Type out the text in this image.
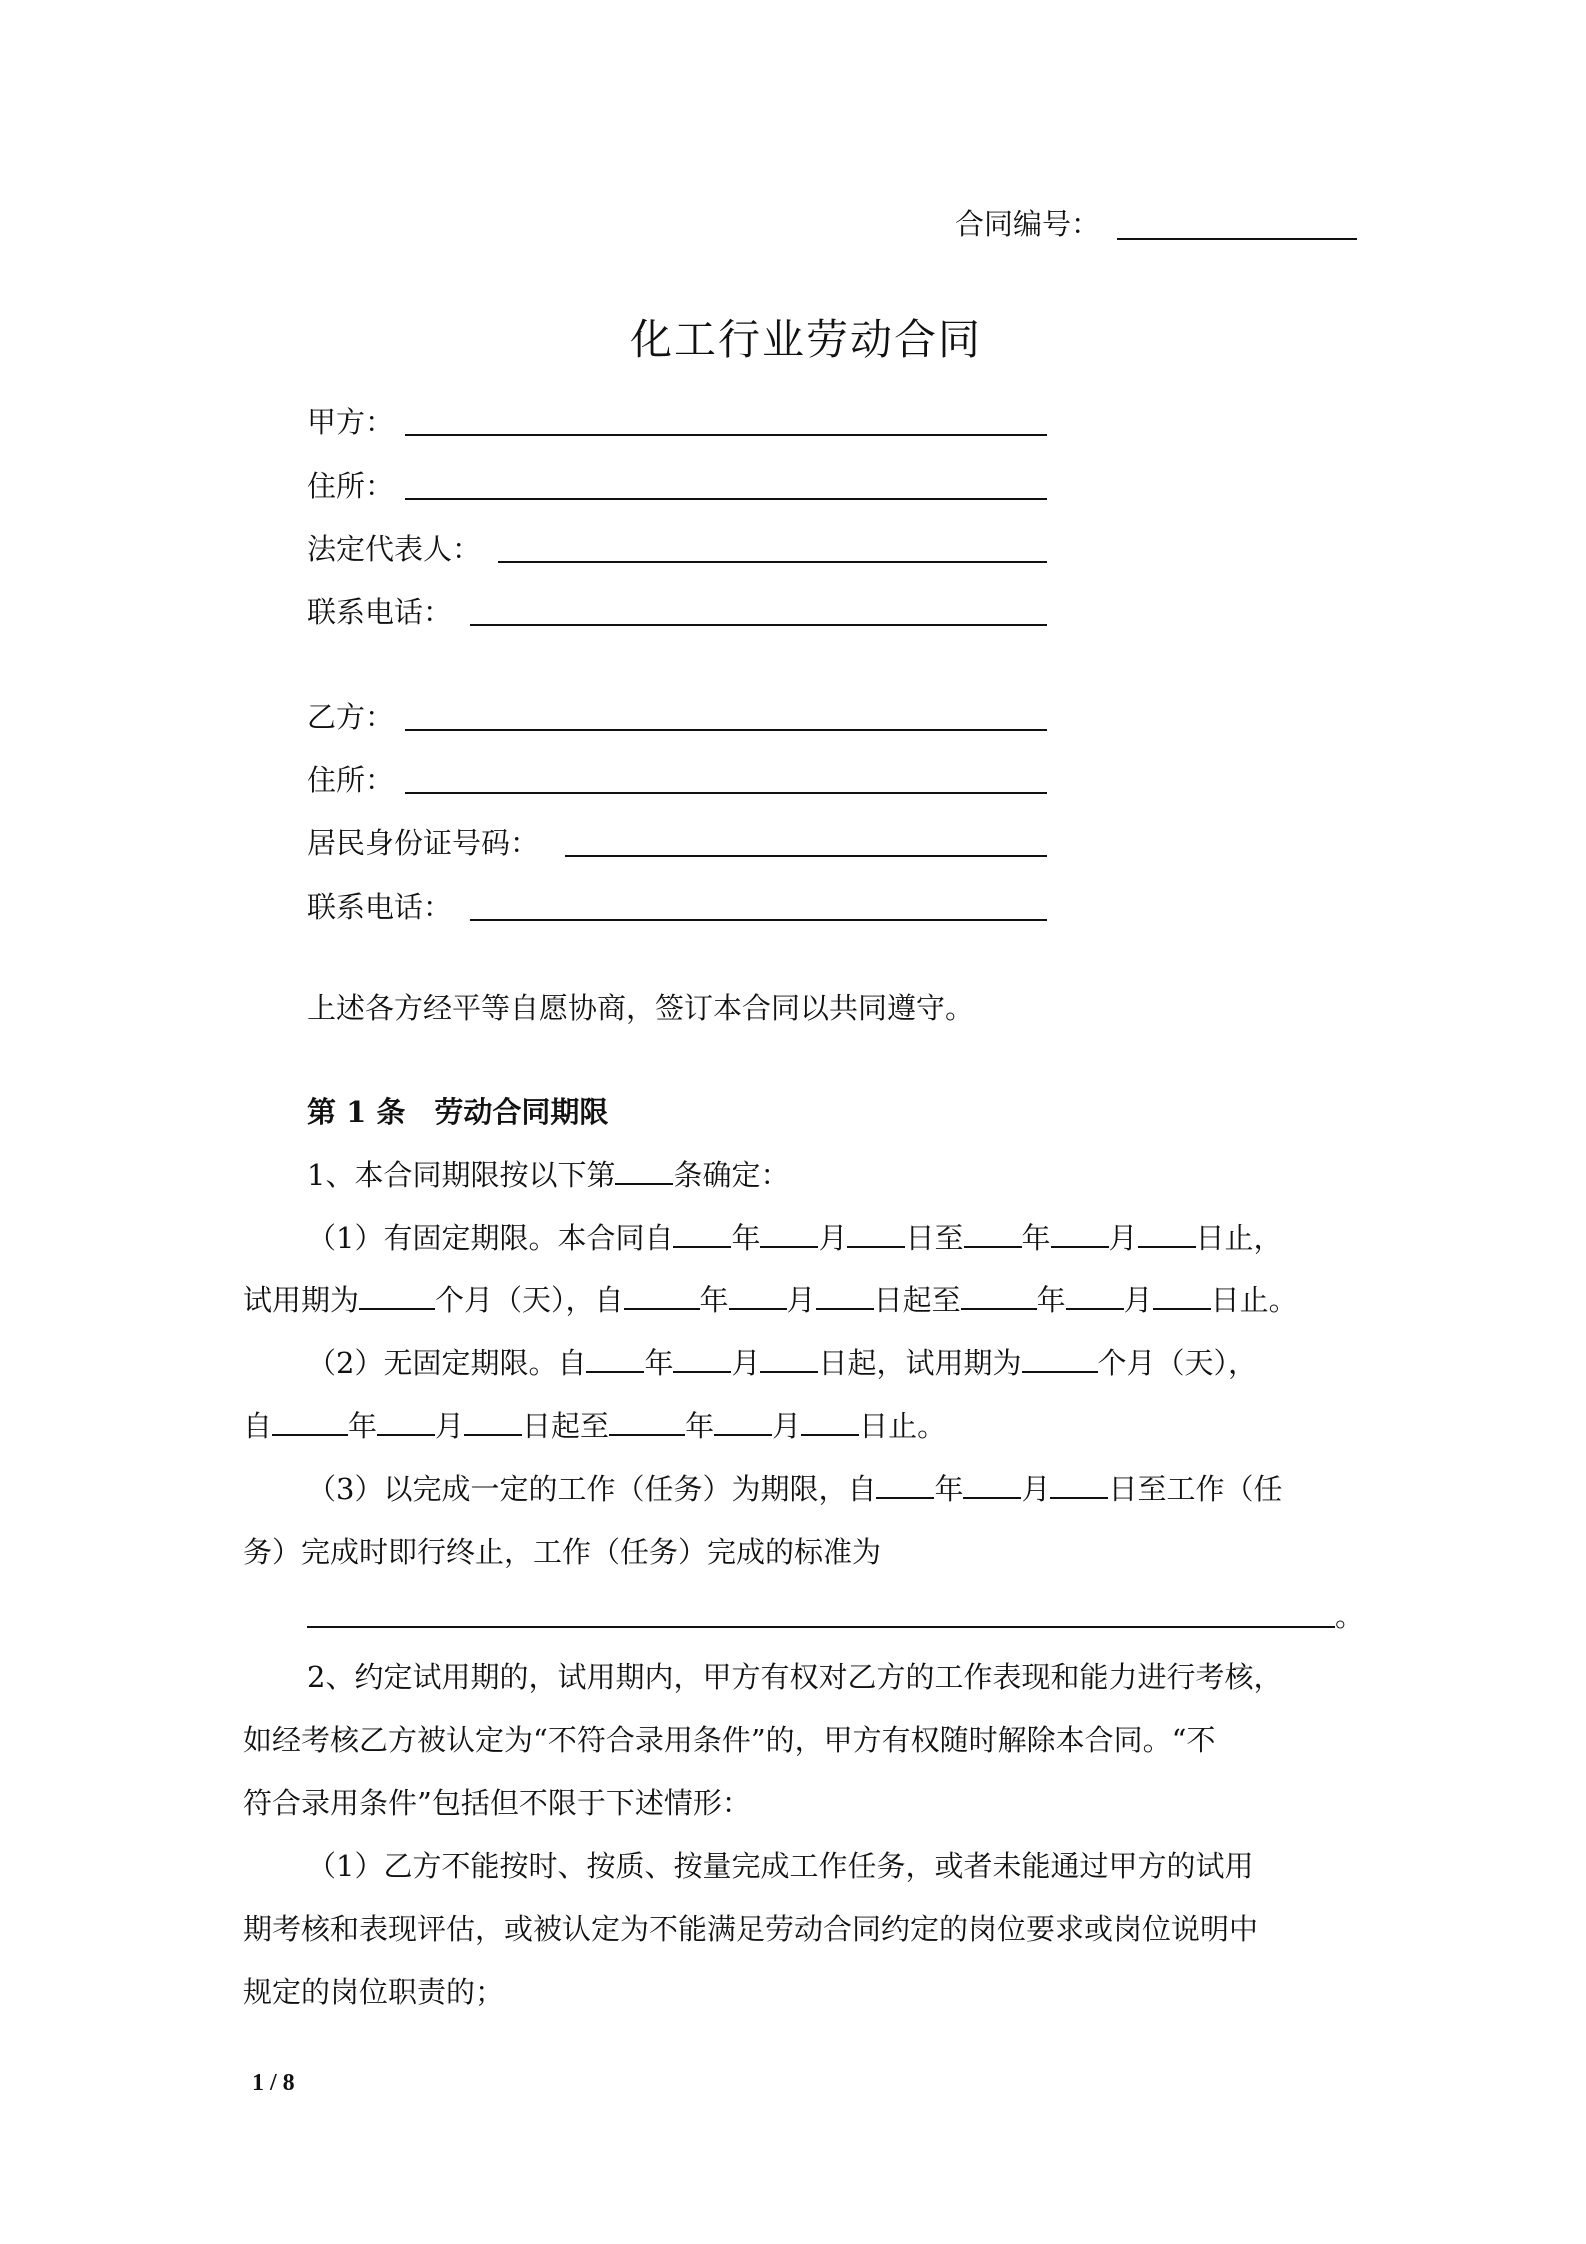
合同编号：
化工行业劳动合同
甲方：
住所：
法定代表人：
联系电话：
乙方：
住所：
居民身份证号码：
联系电话：
上述各方经平等自愿协商，签订本合同以共同遵守。
第 1 条　劳动合同期限
1、本合同期限按以下第 条确定：
（1）有固定期限。本合同自 年 月 日至 年 月 日止，
试用期为	个月（天），自	年 月 日起至	年 月 日止。
（2）无固定期限。自 年 月 日起，试用期为	个月（天），
自	年 月 日起至	年 月 日止。
（3）以完成一定的工作（任务）为期限，自 年 月 日至工作（任
务）完成时即行终止，工作（任务）完成的标准为
。
2、约定试用期的，试用期内，甲方有权对乙方的工作表现和能力进行考核，
如经考核乙方被认定为“不符合录用条件”的，甲方有权随时解除本合同。“不
符合录用条件”包括但不限于下述情形：
（1）乙方不能按时、按质、按量完成工作任务，或者未能通过甲方的试用
期考核和表现评估，或被认定为不能满足劳动合同约定的岗位要求或岗位说明中
规定的岗位职责的；
1 / 8
